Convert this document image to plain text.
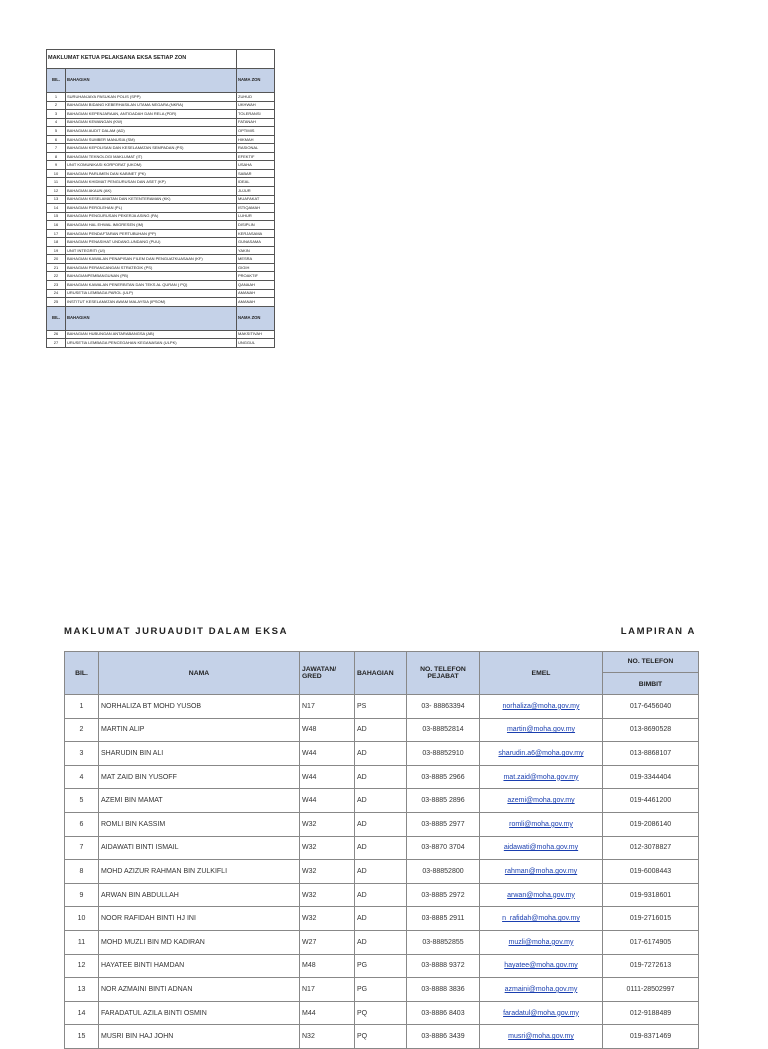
MAKLUMAT KETUA PELAKSANA EKSA SETIAP ZON		
BIL.	BAHAGIAN	NAMA ZON
1	SURUHANJAYA PASUKAN POLIS (SPP)	ZUHUD
2	BAHAGIAN BIDANG KEBERHASILAN UTAMA NEGARA (NKRA)	UKHWAH
3	BAHAGIAN KEPENJARAAN, ANTIDADAH DAN RELA (PDR)	TOLERANSI
4	BAHAGIAN KEWANGAN (KW)	FATANAH
5	BAHAGIAN AUDIT DALAM (AD)	OPTIMIS
6	BAHAGIAN SUMBER MANUSIA (SM)	HIKMAH
7	BAHAGIAN KEPOLISAN DAN KESELAMATAN SEMPADAN (PS)	RASIONAL
8	BAHAGIAN TEKNOLOGI MAKLUMAT (IT)	EFEKTIF
9	UNIT KOMUNIKASI KORPORAT (UKOM)	USAHA
10	BAHAGIAN PARLIMEN DAN KABINET (PK)	SABAR
11	BAHAGIAN KHIDMAT PENGURUSAN DAN ASET (KP)	IDEAL
12	BAHAGIAN AKAUN (AK)	JUJUR
13	BAHAGIAN KESELAMATAN DAN KETENTERAMAN (KK)	MUAFAKAT
14	BAHAGIAN PEROLEHAN (PL)	ISTIQAMAH
15	BAHAGIAN PENGURUSAN PEKERJA ASING (PA)	LUHUR
16	BAHAGIAN HAL EHWAL IMIGRESEN (IM)	DISIPLIN
17	BAHAGIAN PENDAFTARAN PERTUBUHAN (PP)	KERJASAMA
18	BAHAGIAN PENASIHAT UNDANG-UNDANG (PUU)	GUNASAMA
19	UNIT INTEGRITI (UI)	YAKIN
20	BAHAGIAN KAWALAN PENAPISAN FILEM DAN PENGUATKUASAAN (KF)	MESRA
21	BAHAGIAN PERANCANGAN STRATEGIK (PS)	GIGIH
22	BAHAGIANPEMBANGUNAN (PB)	PROAKTIF
23	BAHAGIAN KAWALAN PENERBITAN DAN TEKS AL QURAN ( PQ)	QANAAH
24	URUSETIA LEMBAGA PAROL (ULP)	AMANAH
25	INSTITUT KESELAMATAN AWAM MALAYSIA (IPSOM)	AMANAH
BIL.	BAHAGIAN	NAMA ZON
26	BAHAGIAN HUBUNGAN ANTARABANGSA (AB)	MAKSITIVAH
27	URUSETIA LEMBAGA PENCEGAHAN KEGANASAN (ULPK)	UNGGUL
MAKLUMAT JURUAUDIT DALAM EKSA	LAMPIRAN A
BIL.	NAMA	JAWATAN/ GRED	BAHAGIAN	NO. TELEFON PEJABAT	EMEL	NO. TELEFON
BIMBIT

1	NORHALIZA BT MOHD YUSOB	N17	PS	03- 88863394	norhaliza@moha.gov.my	017-6456040
2	MARTIN ALIP	W48	AD	03-88852814	martin@moha.gov.my	013-8690528
3	SHARUDIN BIN ALI	W44	AD	03-88852910	sharudin.a6@moha.gov.my	013-8868107
4	MAT ZAID BIN YUSOFF	W44	AD	03-8885 2966	mat.zaid@moha.gov.my	019-3344404
5	AZEMI BIN MAMAT	W44	AD	03-8885 2896	azemi@moha.gov.my	019-4461200
6	ROMLI BIN KASSIM	W32	AD	03-8885 2977	romli@moha.gov.my	019-2086140
7	AIDAWATI BINTI ISMAIL	W32	AD	03-8870 3704	aidawati@moha.gov.my	012-3078827
8	MOHD AZIZUR RAHMAN BIN ZULKIFLI	W32	AD	03-88852800	rahman@moha.gov.my	019-6008443
9	ARWAN BIN ABDULLAH	W32	AD	03-8885 2972	arwan@moha.gov.my	019-9318601
10	NOOR RAFIDAH BINTI HJ INI	W32	AD	03-8885 2911	n_rafidah@moha.gov.my	019-2716015
11	MOHD MUZLI BIN MD KADIRAN	W27	AD	03-88852855	muzli@moha.gov.my	017-6174905
12	HAYATEE BINTI HAMDAN	M48	PG	03-8888 9372	hayatee@moha.gov.my	019-7272613
13	NOR AZMAINI BINTI ADNAN	N17	PG	03-8888 3836	azmaini@moha.gov.my	0111-28502997
14	FARADATUL AZILA BINTI OSMIN	M44	PQ	03-8886 8403	faradatul@moha.gov.my	012-9188489
15	MUSRI BIN HAJ JOHN	N32	PQ	03-8886 3439	musri@moha.gov.my	019-8371469
